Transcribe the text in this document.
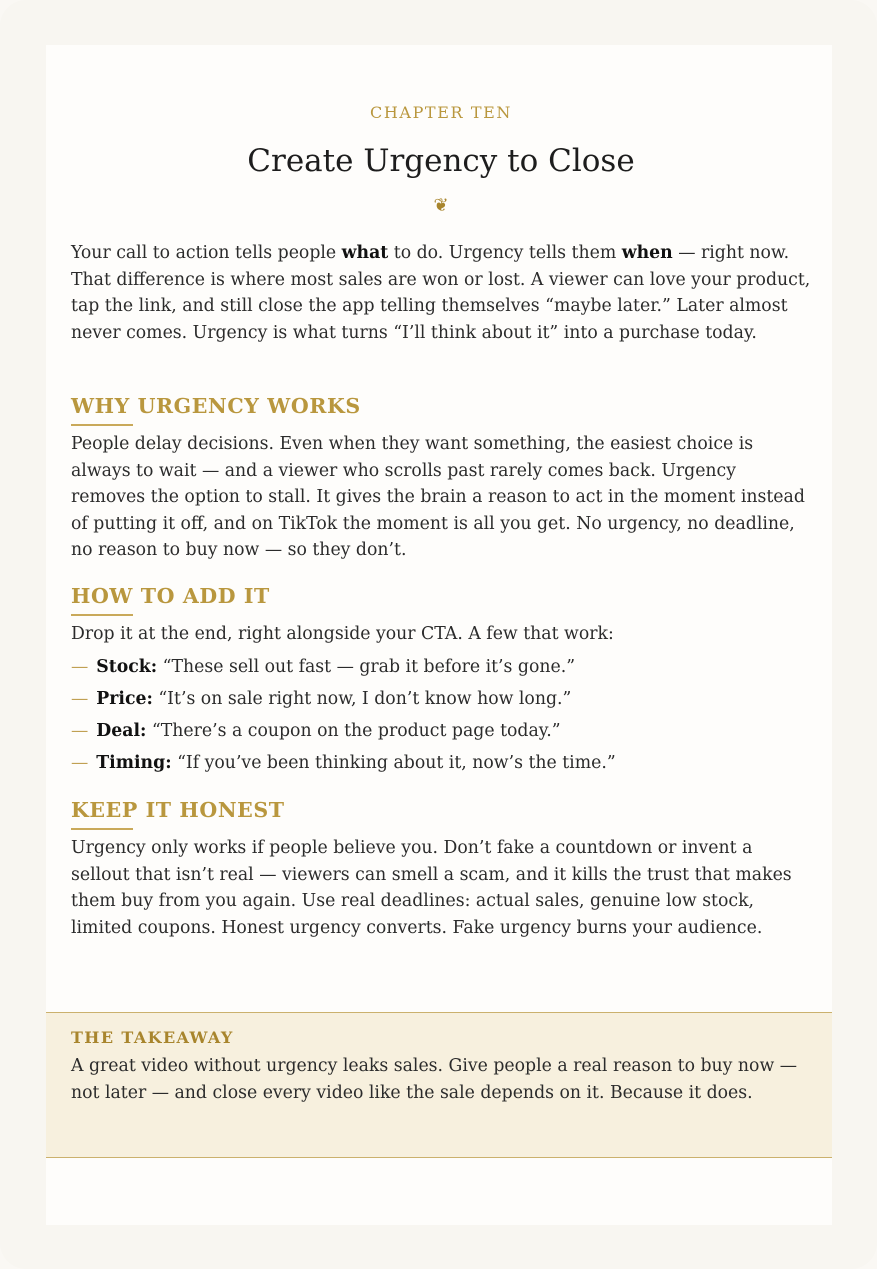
CHAPTER TEN
Create Urgency to Close
❦

Your call to action tells people what to do. Urgency tells them when — right now. That difference is where most sales are won or lost. A viewer can love your product, tap the link, and still close the app telling themselves “maybe later.” Later almost never comes. Urgency is what turns “I’ll think about it” into a purchase today.

WHY URGENCY WORKS

People delay decisions. Even when they want something, the easiest choice is always to wait — and a viewer who scrolls past rarely comes back. Urgency removes the option to stall. It gives the brain a reason to act in the moment instead of putting it off, and on TikTok the moment is all you get. No urgency, no deadline, no reason to buy now — so they don’t.

HOW TO ADD IT

Drop it at the end, right alongside your CTA. A few that work:

— Stock: “These sell out fast — grab it before it’s gone.”
— Price: “It’s on sale right now, I don’t know how long.”
— Deal: “There’s a coupon on the product page today.”
— Timing: “If you’ve been thinking about it, now’s the time.”
KEEP IT HONEST

Urgency only works if people believe you. Don’t fake a countdown or invent a sellout that isn’t real — viewers can smell a scam, and it kills the trust that makes them buy from you again. Use real deadlines: actual sales, genuine low stock, limited coupons. Honest urgency converts. Fake urgency burns your audience.

THE TAKEAWAY

A great video without urgency leaks sales. Give people a real reason to buy now — not later — and close every video like the sale depends on it. Because it does.
